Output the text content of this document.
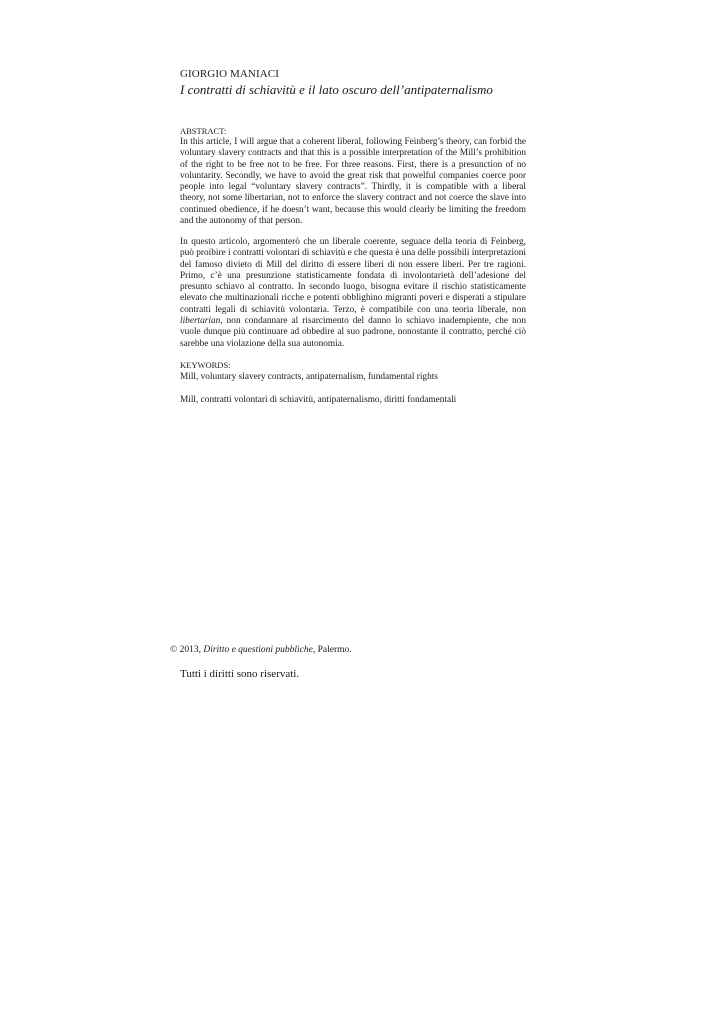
GIORGIO MANIACI
I contratti di schiavitù e il lato oscuro dell’antipaternalismo
ABSTRACT:

In this article, I will argue that a coherent liberal, following Feinberg’s theory, can forbid the voluntary slavery contracts and that this is a possible interpretation of the Mill’s prohibition of the right to be free not to be free. For three reasons. First, there is a presunction of no voluntarity. Secondly, we have to avoid the great risk that powelful companies coerce poor people into legal “voluntary slavery contracts”. Thirdly, it is compatible with a liberal theory, not some libertarian, not to enforce the slavery contract and not coerce the slave into continued obedience, if he doesn’t want, because this would clearly be limiting the freedom and the autonomy of that person.

In questo articolo, argomenterò che un liberale coerente, seguace della teoria di Feinberg, può proibire i contratti volontari di schiavitù e che questa è una delle possibili interpretazioni del famoso divieto di Mill del diritto di essere liberi di non essere liberi. Per tre ragioni. Primo, c’è una presunzione statisticamente fondata di involontarietà dell’adesione del presunto schiavo al contratto. In secondo luogo, bisogna evitare il rischio statisticamente elevato che multinazionali ricche e potenti obblighino migranti poveri e disperati a stipulare contratti legali di schiavitù volontaria. Terzo, è compatibile con una teoria liberale, non libertarian, non condannare al risarcimento del danno lo schiavo inadempiente, che non vuole dunque più continuare ad obbedire al suo padrone, nonostante il contratto, perché ciò sarebbe una violazione della sua autonomia.

KEYWORDS:
Mill, voluntary slavery contracts, antipaternalism, fundamental rights
Mill, contratti volontari di schiavitù, antipaternalismo, diritti fondamentali
© 2013, Diritto e questioni pubbliche, Palermo.
Tutti i diritti sono riservati.
